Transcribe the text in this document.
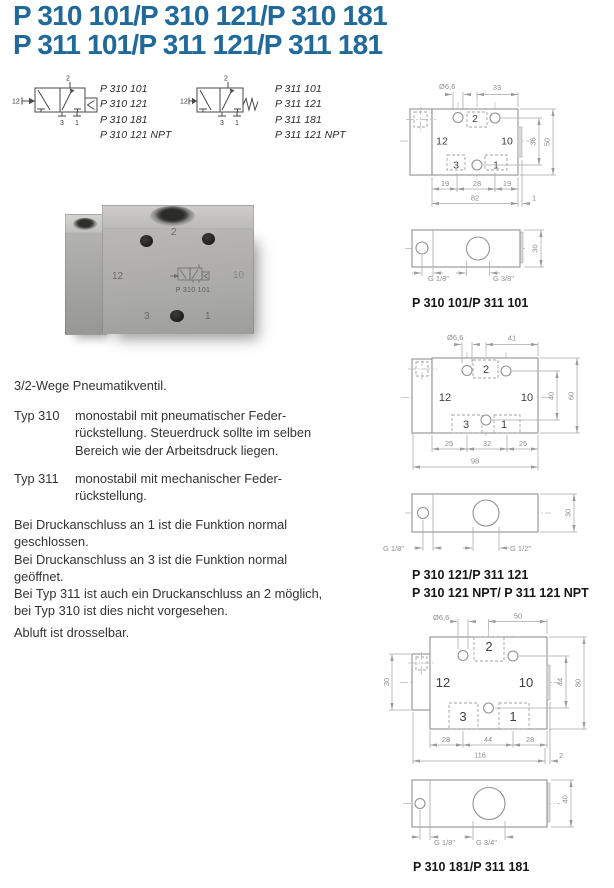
P 310 101/P 310 121/P 310 181
P 311 101/P 311 121/P 311 181
2
12
3 1
P 310 101
P 310 121
P 310 181
P 310 121 NPT
2
12
3 1
P 311 101
P 311 121
P 311 181
P 311 121 NPT
P 310 101
2
12	10
3	1
3/2-Wege Pneumatikventil.
Typ 310	monostabil mit pneumatischer Feder-
rückstellung. Steuerdruck sollte im selben
Bereich wie der Arbeitsdruck liegen.
Typ 311	monostabil mit mechanischer Feder-
rückstellung.
Bei Druckanschluss an 1 ist die Funktion normal
geschlossen.
Bei Druckanschluss an 3 ist die Funktion normal
geöffnet.
Bei Typ 311 ist auch ein Druckanschluss an 2 möglich,
bei Typ 310 ist dies nicht vorgesehen.
Abluft ist drosselbar.
2
12	10
3	1
Ø6,6	33
36 50
19	28	19
82	1
30
G 1/8"	G 3/8"
P 310 101/P 311 101
2
12	10
3	1
Ø6,6	41
40 60
25	32	25
98
30
G 1/8"	G 1/2"
P 310 121/P 311 121
P 310 121 NPT/ P 311 121 NPT
2
12	10
3	1
Ø6,6	50
30	44 80
28	44	28
116	2
40
G 1/8"	G 3/4"
P 310 181/P 311 181
